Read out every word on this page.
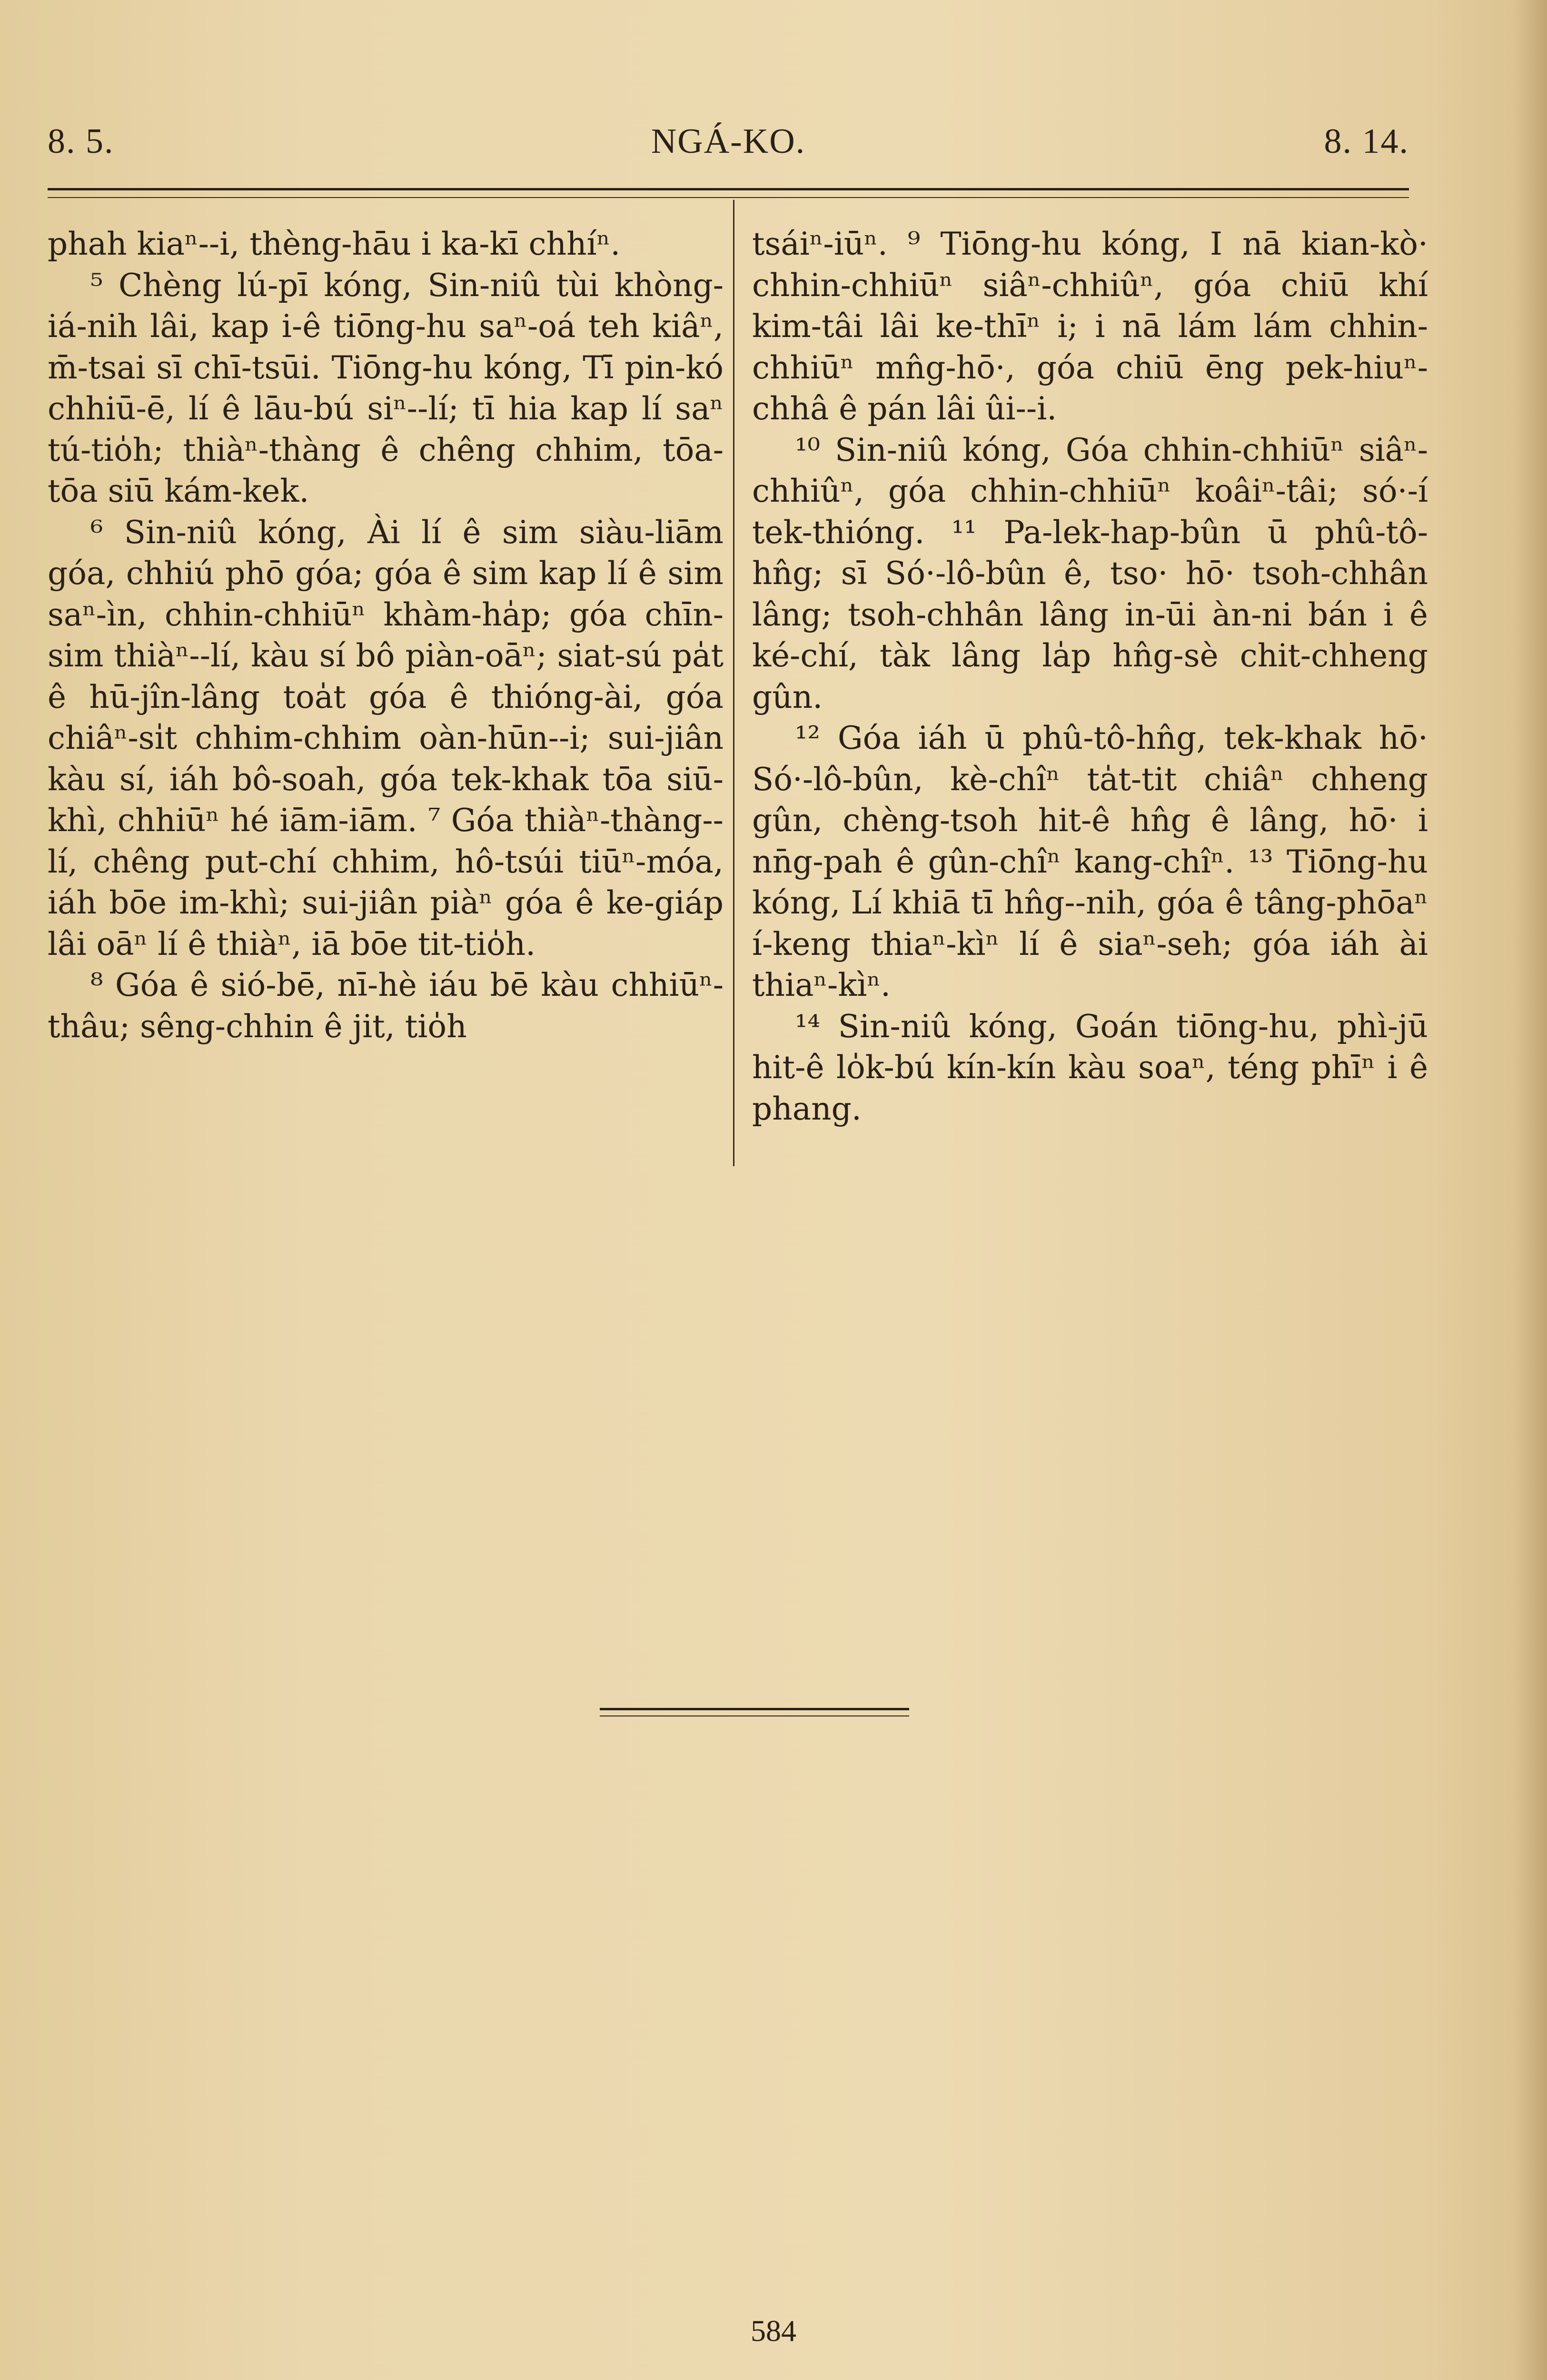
8. 5.	NGÁ-KO.	8. 14.

phah kiaⁿ--i, thèng-hāu i ka-kī chhíⁿ.

⁵ Chèng lú-pī kóng, Sin-niû tùi khòng-iá-nih lâi, kap i-ê tiōng-hu saⁿ-oá teh kiâⁿ, m̄-tsai sī chī-tsūi. Tiōng-hu kóng, Tī pin-kó chhiū-ē, lí ê lāu-bú siⁿ--lí; tī hia kap lí saⁿ tú-tio̍h; thiàⁿ-thàng ê chêng chhim, tōa-tōa siū kám-kek.

⁶ Sin-niû kóng, Ài lí ê sim siàu-liām góa, chhiú phō góa; góa ê sim kap lí ê sim saⁿ-ìn, chhin-chhiūⁿ khàm-ha̍p; góa chīn-sim thiàⁿ--lí, kàu sí bô piàn-oāⁿ; siat-sú pa̍t ê hū-jîn-lâng toa̍t góa ê thióng-ài, góa chiâⁿ-si̍t chhim-chhim oàn-hūn--i; sui-jiân kàu sí, iáh bô-soah, góa tek-khak tōa siū-khì, chhiūⁿ hé iām-iām. ⁷ Góa thiàⁿ-thàng--lí, chêng put-chí chhim, hô-tsúi tiūⁿ-móa, iáh bōe im-khì; sui-jiân piàⁿ góa ê ke-giáp lâi oāⁿ lí ê thiàⁿ, iā bōe tit-tio̍h.

⁸ Góa ê sió-bē, nī-hè iáu bē kàu chhiūⁿ-thâu; sêng-chhin ê jit, tio̍h

tsáiⁿ-iūⁿ. ⁹ Tiōng-hu kóng, I nā kian-kò· chhin-chhiūⁿ siâⁿ-chhiûⁿ, góa chiū khí kim-tâi lâi ke-thīⁿ i; i nā lám lám chhin-chhiūⁿ mn̂g-hō·, góa chiū ēng pek-hiuⁿ-chhâ ê pán lâi ûi--i.

¹⁰ Sin-niû kóng, Góa chhin-chhiūⁿ siâⁿ-chhiûⁿ, góa chhin-chhiūⁿ koâiⁿ-tâi; só·-í tek-thióng. ¹¹ Pa-lek-hap-bûn ū phû-tô-hn̂g; sī Só·-lô-bûn ê, tso· hō· tsoh-chhân lâng; tsoh-chhân lâng in-ūi àn-ni bán i ê ké-chí, tàk lâng la̍p hn̂g-sè chit-chheng gûn.

¹² Góa iáh ū phû-tô-hn̂g, tek-khak hō· Só·-lô-bûn, kè-chîⁿ ta̍t-tit chiâⁿ chheng gûn, chèng-tsoh hit-ê hn̂g ê lâng, hō· i nn̄g-pah ê gûn-chîⁿ kang-chîⁿ. ¹³ Tiōng-hu kóng, Lí khiā tī hn̂g--nih, góa ê tâng-phōaⁿ í-keng thiaⁿ-kìⁿ lí ê siaⁿ-seh; góa iáh ài thiaⁿ-kìⁿ.

¹⁴ Sin-niû kóng, Goán tiōng-hu, phì-jū hit-ê lo̍k-bú kín-kín kàu soaⁿ, téng phīⁿ i ê phang.

584
